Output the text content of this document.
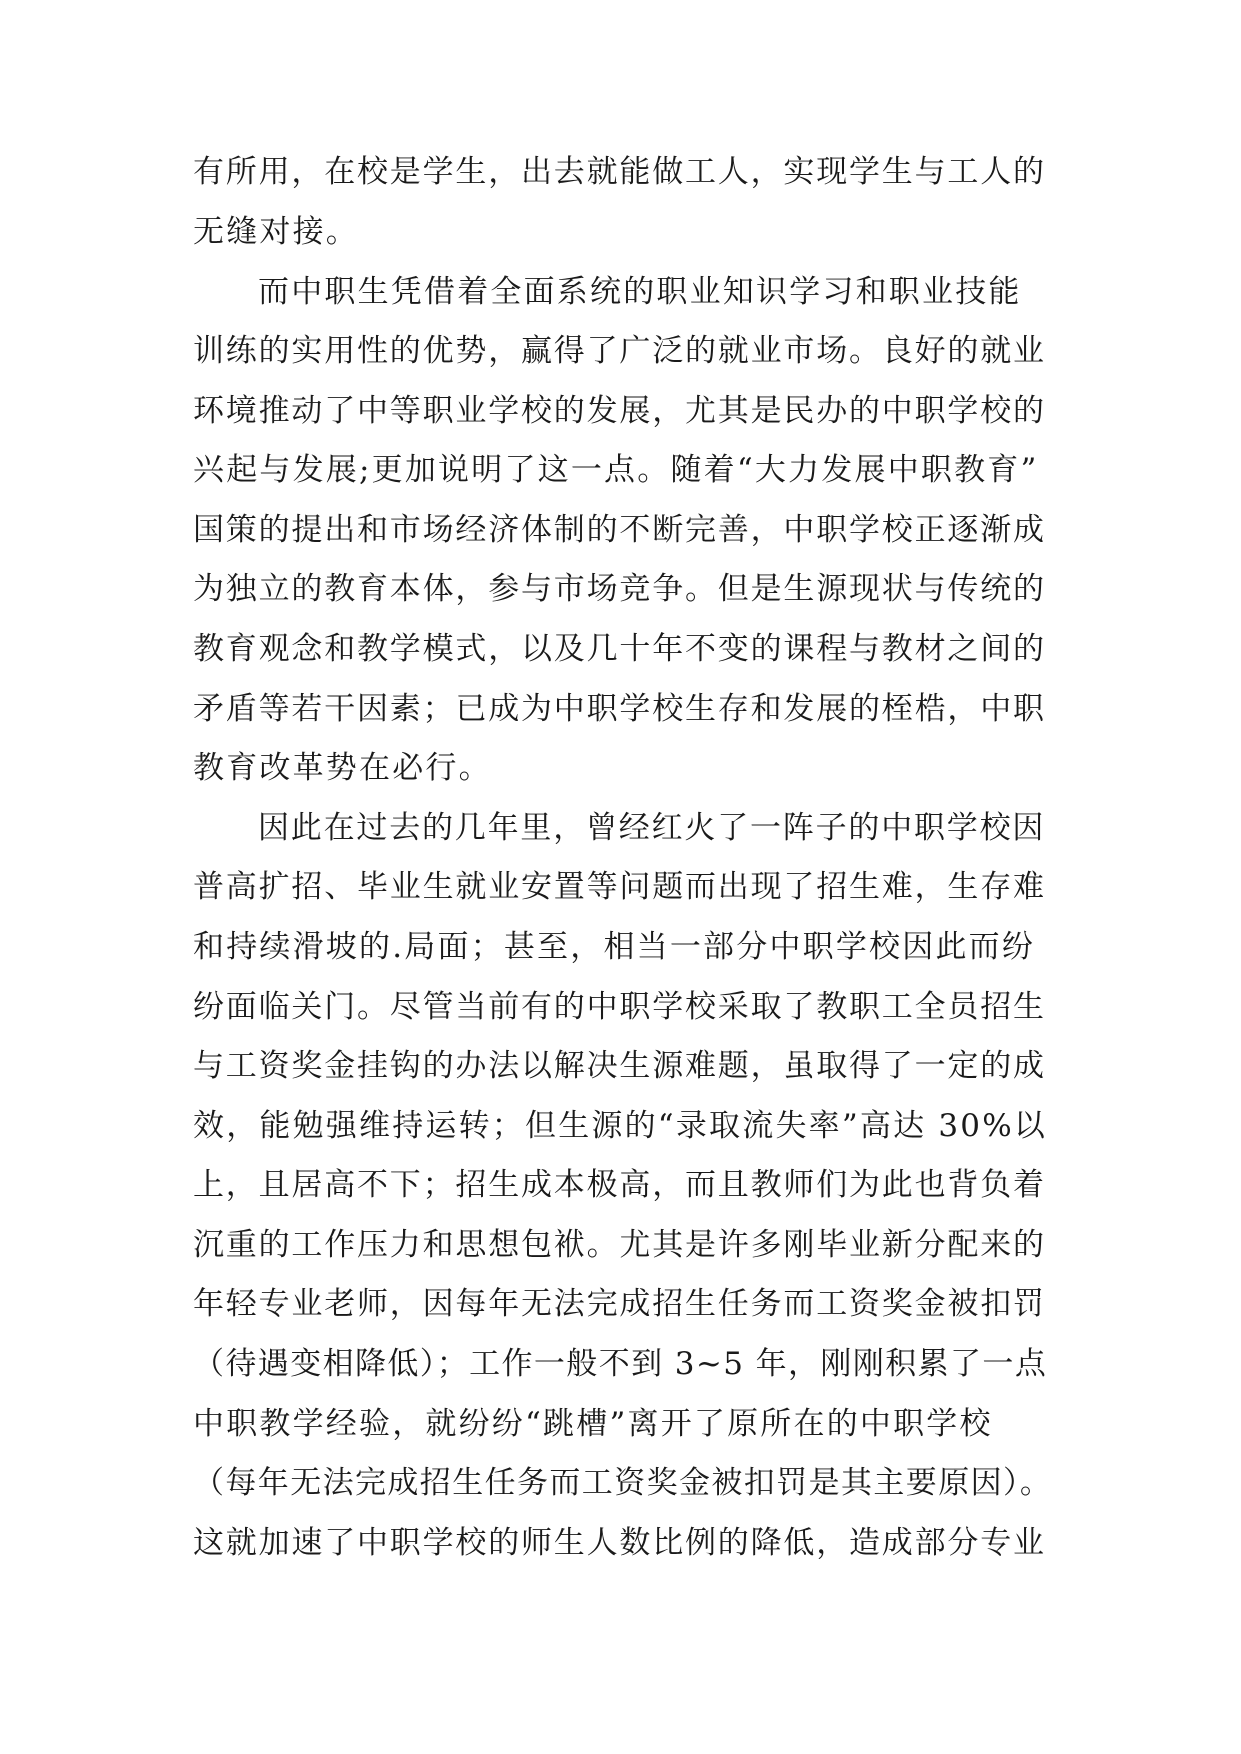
有所用，在校是学生，出去就能做工人，实现学生与工人的
无缝对接。
而中职生凭借着全面系统的职业知识学习和职业技能
训练的实用性的优势，赢得了广泛的就业市场。良好的就业
环境推动了中等职业学校的发展，尤其是民办的中职学校的
兴起与发展;更加说明了这一点。随着“大力发展中职教育”
国策的提出和市场经济体制的不断完善，中职学校正逐渐成
为独立的教育本体，参与市场竞争。但是生源现状与传统的
教育观念和教学模式，以及几十年不变的课程与教材之间的
矛盾等若干因素；已成为中职学校生存和发展的桎梏，中职
教育改革势在必行。
因此在过去的几年里，曾经红火了一阵子的中职学校因
普高扩招、毕业生就业安置等问题而出现了招生难，生存难
和持续滑坡的.局面；甚至，相当一部分中职学校因此而纷
纷面临关门。尽管当前有的中职学校采取了教职工全员招生
与工资奖金挂钩的办法以解决生源难题，虽取得了一定的成
效，能勉强维持运转；但生源的“录取流失率”高达 30%以
上，且居高不下；招生成本极高，而且教师们为此也背负着
沉重的工作压力和思想包袱。尤其是许多刚毕业新分配来的
年轻专业老师，因每年无法完成招生任务而工资奖金被扣罚
（待遇变相降低）；工作一般不到 3~5 年，刚刚积累了一点
中职教学经验，就纷纷“跳槽”离开了原所在的中职学校
（每年无法完成招生任务而工资奖金被扣罚是其主要原因）。
这就加速了中职学校的师生人数比例的降低，造成部分专业
